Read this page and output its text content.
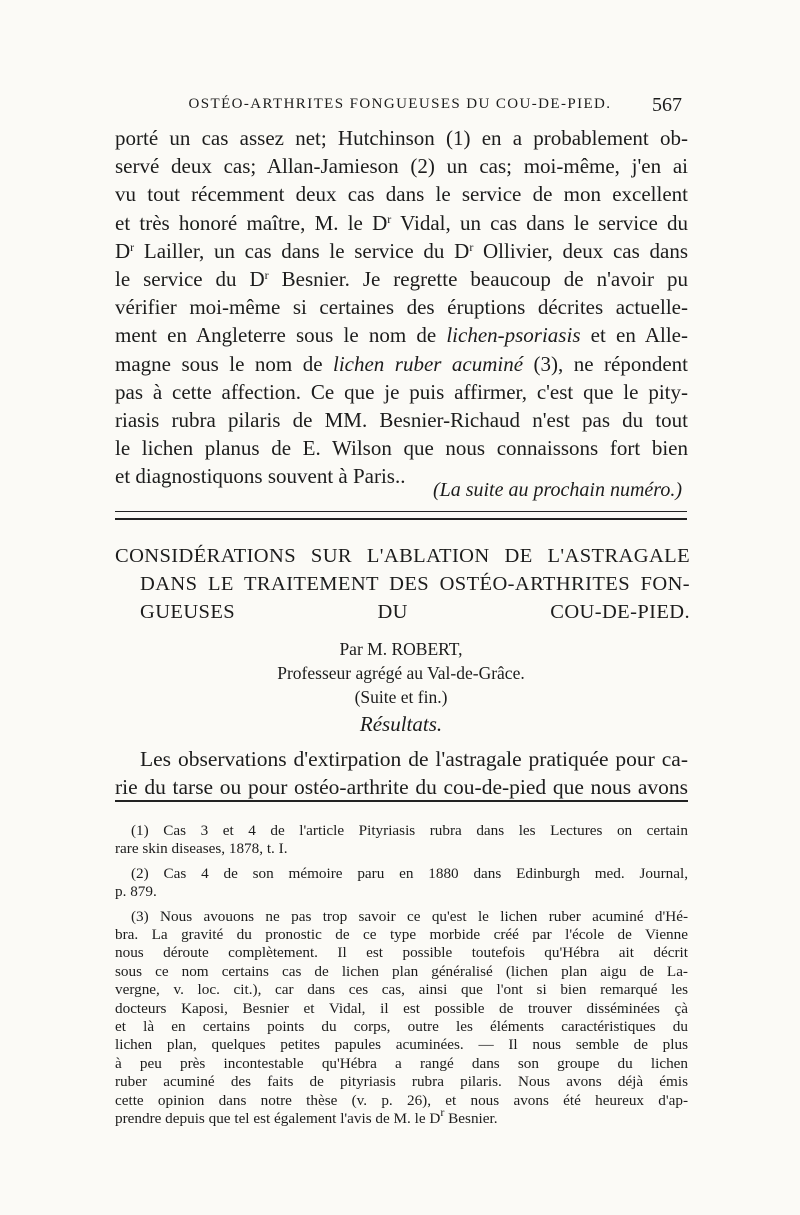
OSTÉO-ARTHRITES FONGUEUSES DU COU-DE-PIED.	567
porté un cas assez net; Hutchinson (1) en a probablement ob-
servé deux cas; Allan-Jamieson (2) un cas; moi-même, j'en ai
vu tout récemment deux cas dans le service de mon excellent
et très honoré maître, M. le $D^r$ Vidal, un cas dans le service du
$D^r$ Lailler, un cas dans le service du $D^r$ Ollivier, deux cas dans
le service du $D^r$ Besnier. Je regrette beaucoup de n'avoir pu
vérifier moi-même si certaines des éruptions décrites actuelle-
ment en Angleterre sous le nom de lichen-psoriasis et en Alle-
magne sous le nom de lichen ruber acuminé (3), ne répondent
pas à cette affection. Ce que je puis affirmer, c'est que le pity-
riasis rubra pilaris de MM. Besnier-Richaud n'est pas du tout
le lichen planus de E. Wilson que nous connaissons fort bien
et diagnostiquons souvent à Paris..
(La suite au prochain numéro.)
CONSIDÉRATIONS SUR L'ABLATION DE L'ASTRAGALE
DANS LE TRAITEMENT DES OSTÉO-ARTHRITES FON-
GUEUSES DU COU-DE-PIED.
Par M. ROBERT,
Professeur agrégé au Val-de-Grâce.
(Suite et fin.)
Résultats.
Les observations d'extirpation de l'astragale pratiquée pour ca-
rie du tarse ou pour ostéo-arthrite du cou-de-pied que nous avons
(1) Cas 3 et 4 de l'article Pityriasis rubra dans les Lectures on certain
rare skin diseases, 1878, t. I.
(2) Cas 4 de son mémoire paru en 1880 dans Edinburgh med. Journal,
p. 879.
(3) Nous avouons ne pas trop savoir ce qu'est le lichen ruber acuminé d'Hé-
bra. La gravité du pronostic de ce type morbide créé par l'école de Vienne
nous déroute complètement. Il est possible toutefois qu'Hébra ait décrit
sous ce nom certains cas de lichen plan généralisé (lichen plan aigu de La-
vergne, v. loc. cit.), car dans ces cas, ainsi que l'ont si bien remarqué les
docteurs Kaposi, Besnier et Vidal, il est possible de trouver disséminées çà
et là en certains points du corps, outre les éléments caractéristiques du
lichen plan, quelques petites papules acuminées. — Il nous semble de plus
à peu près incontestable qu'Hébra a rangé dans son groupe du lichen
ruber acuminé des faits de pityriasis rubra pilaris. Nous avons déjà émis
cette opinion dans notre thèse (v. p. 26), et nous avons été heureux d'ap-
prendre depuis que tel est également l'avis de M. le $D^r$ Besnier.
